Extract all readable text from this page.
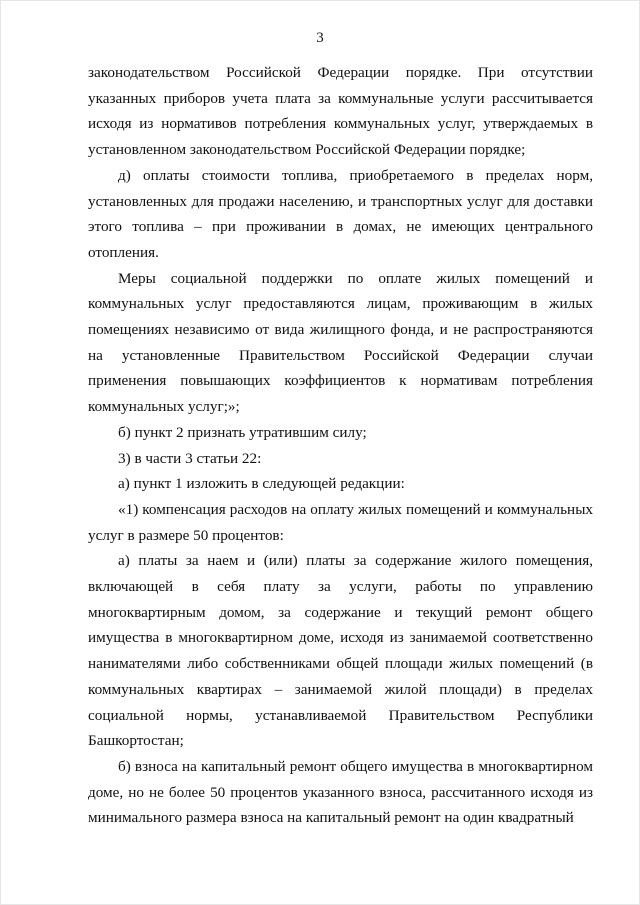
3

законодательством Российской Федерации порядке. При отсутствии указанных приборов учета плата за коммунальные услуги рассчитывается исходя из нормативов потребления коммунальных услуг, утверждаемых в установленном законодательством Российской Федерации порядке;

д) оплаты стоимости топлива, приобретаемого в пределах норм, установленных для продажи населению, и транспортных услуг для доставки этого топлива – при проживании в домах, не имеющих центрального отопления.

Меры социальной поддержки по оплате жилых помещений и коммунальных услуг предоставляются лицам, проживающим в жилых помещениях независимо от вида жилищного фонда, и не распространяются на установленные Правительством Российской Федерации случаи применения повышающих коэффициентов к нормативам потребления коммунальных услуг;»;

б) пункт 2 признать утратившим силу;

3) в части 3 статьи 22:

а) пункт 1 изложить в следующей редакции:

«1) компенсация расходов на оплату жилых помещений и коммунальных услуг в размере 50 процентов:

а) платы за наем и (или) платы за содержание жилого помещения, включающей в себя плату за услуги, работы по управлению многоквартирным домом, за содержание и текущий ремонт общего имущества в многоквартирном доме, исходя из занимаемой соответственно нанимателями либо собственниками общей площади жилых помещений (в коммунальных квартирах – занимаемой жилой площади) в пределах социальной нормы, устанавливаемой Правительством Республики Башкортостан;

б) взноса на капитальный ремонт общего имущества в многоквартирном доме, но не более 50 процентов указанного взноса, рассчитанного исходя из минимального размера взноса на капитальный ремонт на один квадратный
